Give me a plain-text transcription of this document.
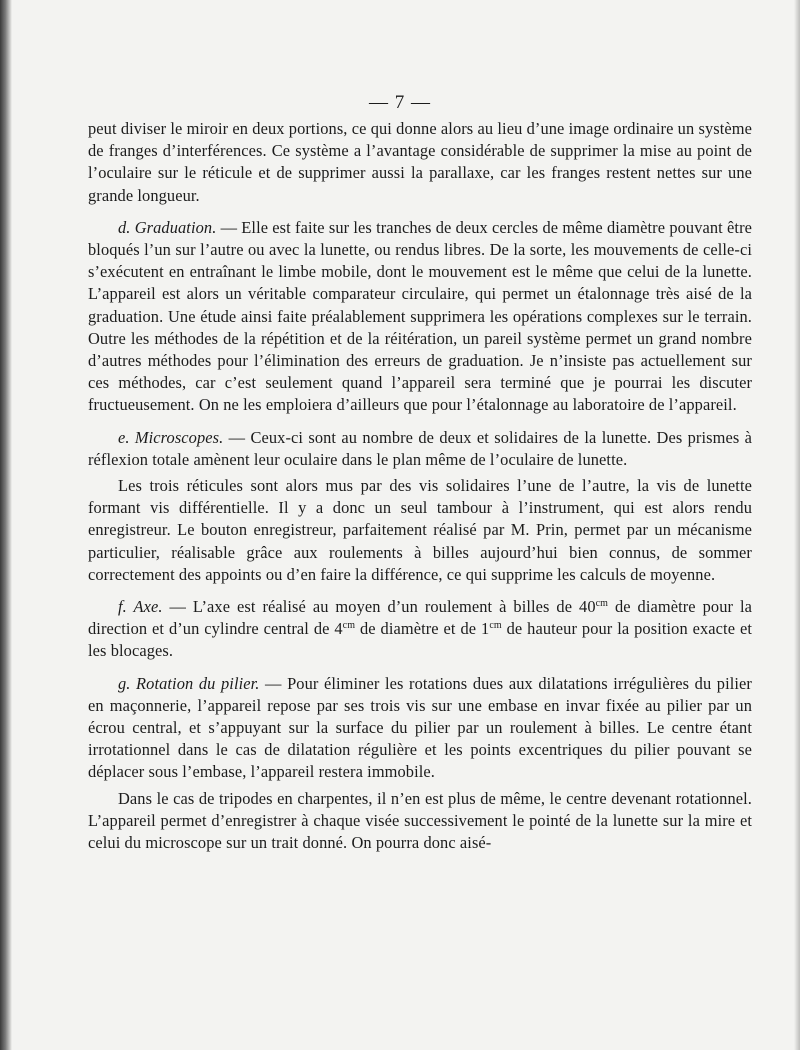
— 7 —

peut diviser le miroir en deux portions, ce qui donne alors au lieu d’une image ordinaire un système de franges d’interférences. Ce système a l’avantage considérable de supprimer la mise au point de l’oculaire sur le réticule et de supprimer aussi la parallaxe, car les franges restent nettes sur une grande longueur.

d. Graduation. — Elle est faite sur les tranches de deux cercles de même diamètre pouvant être bloqués l’un sur l’autre ou avec la lunette, ou rendus libres. De la sorte, les mouvements de celle-ci s’exécutent en entraînant le limbe mobile, dont le mouvement est le même que celui de la lunette. L’appareil est alors un véritable comparateur circulaire, qui permet un étalonnage très aisé de la graduation. Une étude ainsi faite préalablement supprimera les opérations complexes sur le terrain. Outre les méthodes de la répétition et de la réitération, un pareil système permet un grand nombre d’autres méthodes pour l’élimination des erreurs de graduation. Je n’insiste pas actuellement sur ces méthodes, car c’est seulement quand l’appareil sera terminé que je pourrai les discuter fructueusement. On ne les emploiera d’ailleurs que pour l’étalonnage au laboratoire de l’appareil.

e. Microscopes. — Ceux-ci sont au nombre de deux et solidaires de la lunette. Des prismes à réflexion totale amènent leur oculaire dans le plan même de l’oculaire de lunette.

Les trois réticules sont alors mus par des vis solidaires l’une de l’autre, la vis de lunette formant vis différentielle. Il y a donc un seul tambour à l’instrument, qui est alors rendu enregistreur. Le bouton enregistreur, parfaitement réalisé par M. Prin, permet par un mécanisme particulier, réalisable grâce aux roulements à billes aujourd’hui bien connus, de sommer correctement des appoints ou d’en faire la différence, ce qui supprime les calculs de moyenne.

f. Axe. — L’axe est réalisé au moyen d’un roulement à billes de $40^{cm}$ de diamètre pour la direction et d’un cylindre central de $4^{cm}$ de diamètre et de $1^{cm}$ de hauteur pour la position exacte et les blocages.

g. Rotation du pilier. — Pour éliminer les rotations dues aux dilatations irrégulières du pilier en maçonnerie, l’appareil repose par ses trois vis sur une embase en invar fixée au pilier par un écrou central, et s’appuyant sur la surface du pilier par un roulement à billes. Le centre étant irrotationnel dans le cas de dilatation régulière et les points excentriques du pilier pouvant se déplacer sous l’embase, l’appareil restera immobile.

Dans le cas de tripodes en charpentes, il n’en est plus de même, le centre devenant rotationnel. L’appareil permet d’enregistrer à chaque visée successivement le pointé de la lunette sur la mire et celui du microscope sur un trait donné. On pourra donc aisé-
